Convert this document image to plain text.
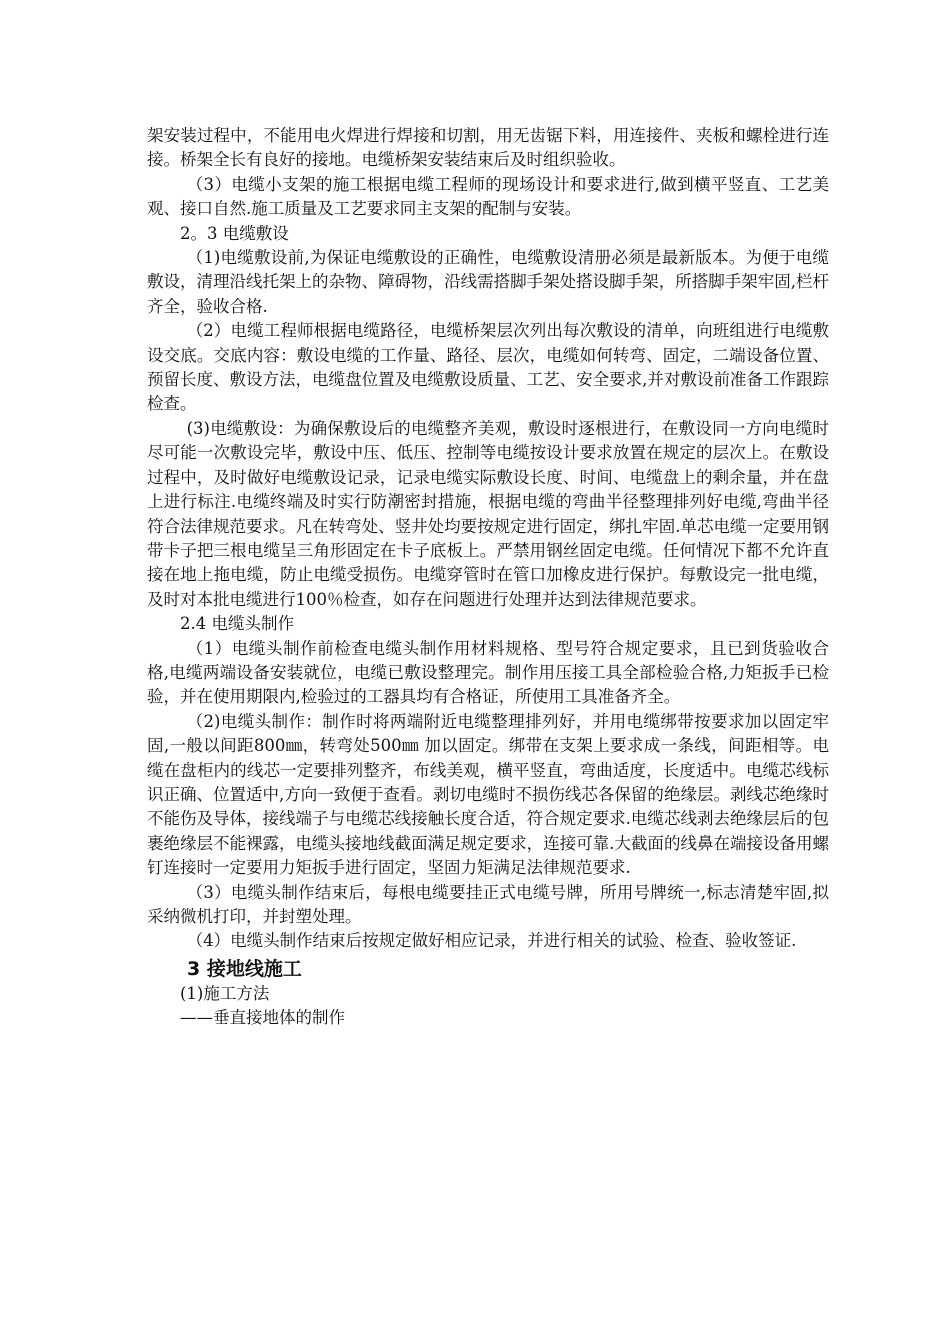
架安装过程中，不能用电火焊进行焊接和切割，用无齿锯下料，用连接件、夹板和螺栓进行连接。桥架全长有良好的接地。电缆桥架安装结束后及时组织验收。

（3）电缆小支架的施工根据电缆工程师的现场设计和要求进行,做到横平竖直、工艺美观、接口自然.施工质量及工艺要求同主支架的配制与安装。

2。3 电缆敷设

（1)电缆敷设前,为保证电缆敷设的正确性，电缆敷设清册必须是最新版本。为便于电缆敷设，清理沿线托架上的杂物、障碍物，沿线需搭脚手架处搭设脚手架，所搭脚手架牢固,栏杆齐全，验收合格.

（2）电缆工程师根据电缆路径，电缆桥架层次列出每次敷设的清单，向班组进行电缆敷设交底。交底内容：敷设电缆的工作量、路径、层次，电缆如何转弯、固定，二端设备位置、预留长度、敷设方法，电缆盘位置及电缆敷设质量、工艺、安全要求,并对敷设前准备工作跟踪检查。

(3)电缆敷设：为确保敷设后的电缆整齐美观，敷设时逐根进行，在敷设同一方向电缆时尽可能一次敷设完毕，敷设中压、低压、控制等电缆按设计要求放置在规定的层次上。在敷设过程中，及时做好电缆敷设记录，记录电缆实际敷设长度、时间、电缆盘上的剩余量，并在盘上进行标注.电缆终端及时实行防潮密封措施，根据电缆的弯曲半径整理排列好电缆,弯曲半径符合法律规范要求。凡在转弯处、竖井处均要按规定进行固定，绑扎牢固.单芯电缆一定要用钢带卡子把三根电缆呈三角形固定在卡子底板上。严禁用钢丝固定电缆。任何情况下都不允许直接在地上拖电缆，防止电缆受损伤。电缆穿管时在管口加橡皮进行保护。每敷设完一批电缆，及时对本批电缆进行100％检查，如存在问题进行处理并达到法律规范要求。

2.4 电缆头制作

（1）电缆头制作前检查电缆头制作用材料规格、型号符合规定要求，且已到货验收合格,电缆两端设备安装就位，电缆已敷设整理完。制作用压接工具全部检验合格,力矩扳手已检验，并在使用期限内,检验过的工器具均有合格证，所使用工具准备齐全。

（2)电缆头制作：制作时将两端附近电缆整理排列好，并用电缆绑带按要求加以固定牢固,一般以间距800㎜，转弯处500㎜ 加以固定。绑带在支架上要求成一条线，间距相等。电缆在盘柜内的线芯一定要排列整齐，布线美观，横平竖直，弯曲适度，长度适中。电缆芯线标识正确、位置适中,方向一致便于查看。剥切电缆时不损伤线芯各保留的绝缘层。剥线芯绝缘时不能伤及导体，接线端子与电缆芯线接触长度合适，符合规定要求.电缆芯线剥去绝缘层后的包裹绝缘层不能裸露，电缆头接地线截面满足规定要求，连接可靠.大截面的线鼻在端接设备用螺钉连接时一定要用力矩扳手进行固定，坚固力矩满足法律规范要求.

（3）电缆头制作结束后，每根电缆要挂正式电缆号牌，所用号牌统一,标志清楚牢固,拟采纳微机打印，并封塑处理。

（4）电缆头制作结束后按规定做好相应记录，并进行相关的试验、检查、验收签证.

3 接地线施工

(1)施工方法

——垂直接地体的制作
